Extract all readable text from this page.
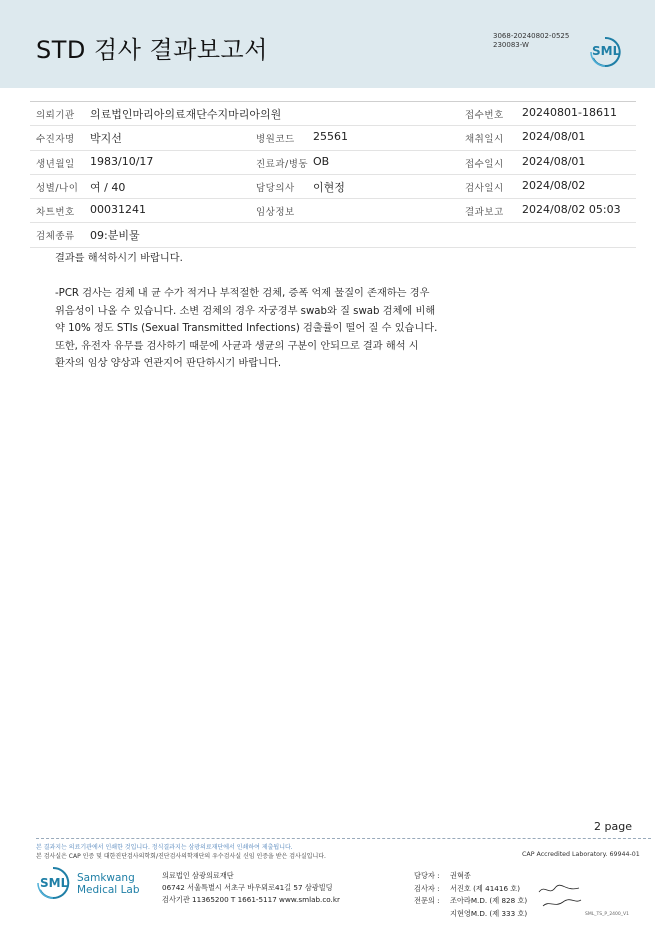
STD 검사 결과보고서	3068-20240802-0525
230083-W	SML
의뢰기관 의료법인마리아의료재단수지마리아의원	접수번호 20240801-18611
수진자명 박지선	병원코드 25561	채취일시 2024/08/01
생년월일 1983/10/17	진료과/병동 OB	접수일시 2024/08/01
성별/나이 여 / 40	담당의사 이현정	검사일시 2024/08/02
차트번호 00031241	임상정보	결과보고 2024/08/02 05:03
검체종류 09:분비물

결과를 해석하시기 바랍니다.

-PCR 검사는 검체 내 균 수가 적거나 부적절한 검체, 증폭 억제 물질이 존재하는 경우

위음성이 나올 수 있습니다. 소변 검체의 경우 자궁경부 swab와 질 swab 검체에 비해

약 10% 정도 STIs (Sexual Transmitted Infections) 검출률이 떨어 질 수 있습니다.

또한, 유전자 유무를 검사하기 때문에 사균과 생균의 구분이 안되므로 결과 해석 시

환자의 임상 양상과 연관지어 판단하시기 바랍니다.

2 page
본 결과지는 의료기관에서 인쇄한 것입니다. 정식결과지는 삼광의료재단에서 인쇄하여 제출됩니다.
본 검사실은 CAP 인증 및 대한진단검사의학회/진단검사의학재단의 우수검사실 신임 인증을 받은 검사실입니다.	CAP Accredited Laboratory. 69944-01
SML Samkwang
Medical Lab
의료법인 삼광의료재단
06742 서울특별시 서초구 바우뫼로41길 57 삼광빌딩
검사기관 11365200 T 1661-5117 www.smlab.co.kr
담당자 : 권혁종
검사자 : 서진호 (제 41416 호)
전문의 : 조아라M.D. (제 828 호)
지현영M.D. (제 333 호)	SML_TS_P_2400_V1
